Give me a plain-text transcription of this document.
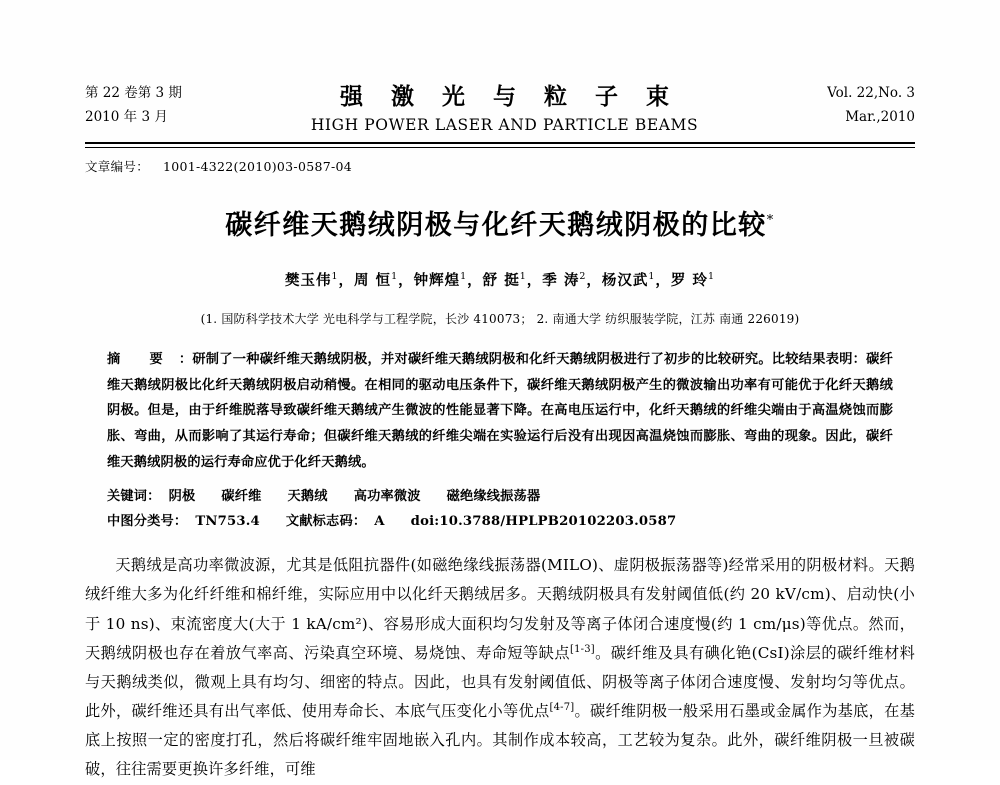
第 22 卷第 3 期
2010 年 3 月
强 激 光 与 粒 子 束
HIGH POWER LASER AND PARTICLE BEAMS
Vol. 22,No. 3
Mar.,2010
文章编号： 1001-4322(2010)03-0587-04
碳纤维天鹅绒阴极与化纤天鹅绒阴极的比较*
樊玉伟$^1$，周 恒$^1$，钟辉煌$^1$，舒 挺$^1$，季 涛$^2$，杨汉武$^1$，罗 玲$^1$
(1. 国防科学技术大学 光电科学与工程学院，长沙 410073； 2. 南通大学 纺织服装学院，江苏 南通 226019)
摘　要 ：研制了一种碳纤维天鹅绒阴极，并对碳纤维天鹅绒阴极和化纤天鹅绒阴极进行了初步的比较研究。比较结果表明：碳纤维天鹅绒阴极比化纤天鹅绒阴极启动稍慢。在相同的驱动电压条件下，碳纤维天鹅绒阴极产生的微波输出功率有可能优于化纤天鹅绒阴极。但是，由于纤维脱落导致碳纤维天鹅绒产生微波的性能显著下降。在高电压运行中，化纤天鹅绒的纤维尖端由于高温烧蚀而膨胀、弯曲，从而影响了其运行寿命；但碳纤维天鹅绒的纤维尖端在实验运行后没有出现因高温烧蚀而膨胀、弯曲的现象。因此，碳纤维天鹅绒阴极的运行寿命应优于化纤天鹅绒。
关键词： 阴极 碳纤维 天鹅绒 高功率微波 磁绝缘线振荡器
中图分类号： TN753.4 文献标志码： A doi:10.3788/HPLPB20102203.0587
天鹅绒是高功率微波源，尤其是低阻抗器件(如磁绝缘线振荡器(MILO)、虚阴极振荡器等)经常采用的阴极材料。天鹅绒纤维大多为化纤纤维和棉纤维，实际应用中以化纤天鹅绒居多。天鹅绒阴极具有发射阈值低(约 20 kV/cm)、启动快(小于 10 ns)、束流密度大(大于 1 kA/cm²)、容易形成大面积均匀发射及等离子体闭合速度慢(约 1 cm/μs)等优点。然而，天鹅绒阴极也存在着放气率高、污染真空环境、易烧蚀、寿命短等缺点[1-3]。碳纤维及具有碘化铯(CsI)涂层的碳纤维材料与天鹅绒类似，微观上具有均匀、细密的特点。因此，也具有发射阈值低、阴极等离子体闭合速度慢、发射均匀等优点。此外，碳纤维还具有出气率低、使用寿命长、本底气压变化小等优点[4-7]。碳纤维阴极一般采用石墨或金属作为基底，在基底上按照一定的密度打孔，然后将碳纤维牢固地嵌入孔内。其制作成本较高，工艺较为复杂。此外，碳纤维阴极一旦被碳破，往往需要更换许多纤维，可维
